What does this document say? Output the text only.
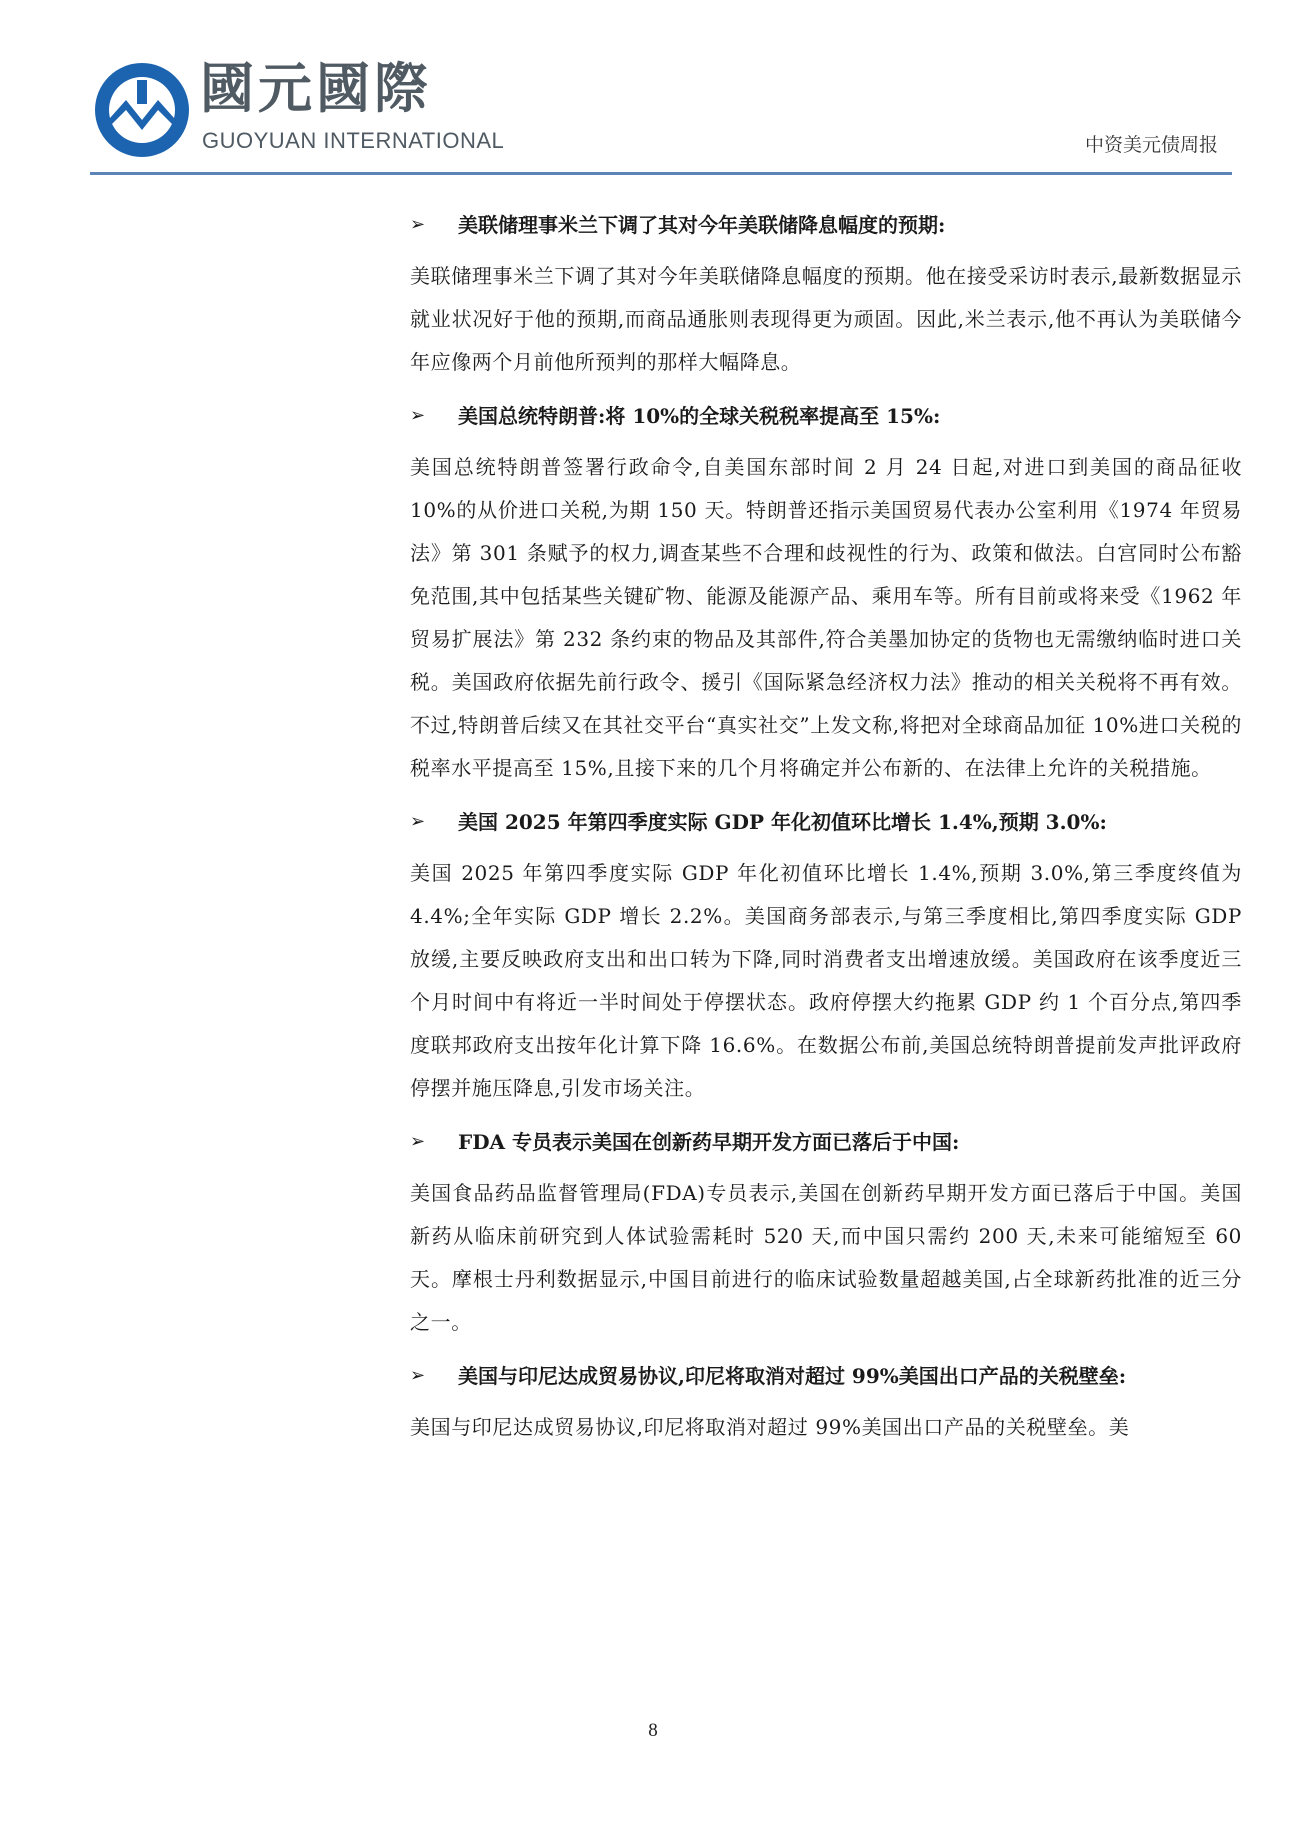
國元國際
GUOYUAN INTERNATIONAL	中资美元债周报
➢	美联储理事米兰下调了其对今年美联储降息幅度的预期:

美联储理事米兰下调了其对今年美联储降息幅度的预期。他在接受采访时表示,最新数据显示就业状况好于他的预期,而商品通胀则表现得更为顽固。因此,米兰表示,他不再认为美联储今年应像两个月前他所预判的那样大幅降息。

➢	美国总统特朗普:将 10%的全球关税税率提高至 15%:

美国总统特朗普签署行政命令,自美国东部时间 2 月 24 日起,对进口到美国的商品征收 10%的从价进口关税,为期 150 天。特朗普还指示美国贸易代表办公室利用《1974 年贸易法》第 301 条赋予的权力,调查某些不合理和歧视性的行为、政策和做法。白宫同时公布豁免范围,其中包括某些关键矿物、能源及能源产品、乘用车等。所有目前或将来受《1962 年贸易扩展法》第 232 条约束的物品及其部件,符合美墨加协定的货物也无需缴纳临时进口关税。美国政府依据先前行政令、援引《国际紧急经济权力法》推动的相关关税将不再有效。不过,特朗普后续又在其社交平台“真实社交”上发文称,将把对全球商品加征 10%进口关税的税率水平提高至 15%,且接下来的几个月将确定并公布新的、在法律上允许的关税措施。

➢	美国 2025 年第四季度实际 GDP 年化初值环比增长 1.4%,预期 3.0%:

美国 2025 年第四季度实际 GDP 年化初值环比增长 1.4%,预期 3.0%,第三季度终值为 4.4%;全年实际 GDP 增长 2.2%。美国商务部表示,与第三季度相比,第四季度实际 GDP 放缓,主要反映政府支出和出口转为下降,同时消费者支出增速放缓。美国政府在该季度近三个月时间中有将近一半时间处于停摆状态。政府停摆大约拖累 GDP 约 1 个百分点,第四季度联邦政府支出按年化计算下降 16.6%。在数据公布前,美国总统特朗普提前发声批评政府停摆并施压降息,引发市场关注。

➢	FDA 专员表示美国在创新药早期开发方面已落后于中国:

美国食品药品监督管理局(FDA)专员表示,美国在创新药早期开发方面已落后于中国。美国新药从临床前研究到人体试验需耗时 520 天,而中国只需约 200 天,未来可能缩短至 60 天。摩根士丹利数据显示,中国目前进行的临床试验数量超越美国,占全球新药批准的近三分之一。

➢	美国与印尼达成贸易协议,印尼将取消对超过 99%美国出口产品的关税壁垒:

美国与印尼达成贸易协议,印尼将取消对超过 99%美国出口产品的关税壁垒。美

8
